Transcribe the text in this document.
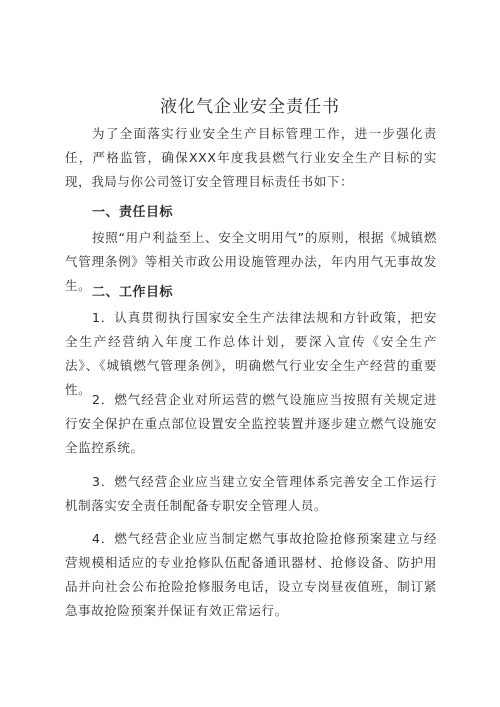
液化气企业安全责任书

为了全面落实行业安全生产目标管理工作，进一步强化责任，严格监管，确保XXX年度我县燃气行业安全生产目标的实现，我局与你公司签订安全管理目标责任书如下：

一、责任目标

按照“用户利益至上、安全文明用气”的原则，根据《城镇燃气管理条例》等相关市政公用设施管理办法，年内用气无事故发生。 二、工作目标

1．认真贯彻执行国家安全生产法律法规和方针政策，把安全生产经营纳入年度工作总体计划，要深入宣传《安全生产法》、《城镇燃气管理条例》，明确燃气行业安全生产经营的重要性。

2．燃气经营企业对所运营的燃气设施应当按照有关规定进行安全保护在重点部位设置安全监控装置并逐步建立燃气设施安全监控系统。

3．燃气经营企业应当建立安全管理体系完善安全工作运行机制落实安全责任制配备专职安全管理人员。

4．燃气经营企业应当制定燃气事故抢险抢修预案建立与经营规模相适应的专业抢修队伍配备通讯器材、抢修设备、防护用品并向社会公布抢险抢修服务电话，设立专岗昼夜值班，制订紧急事故抢险预案并保证有效正常运行。
